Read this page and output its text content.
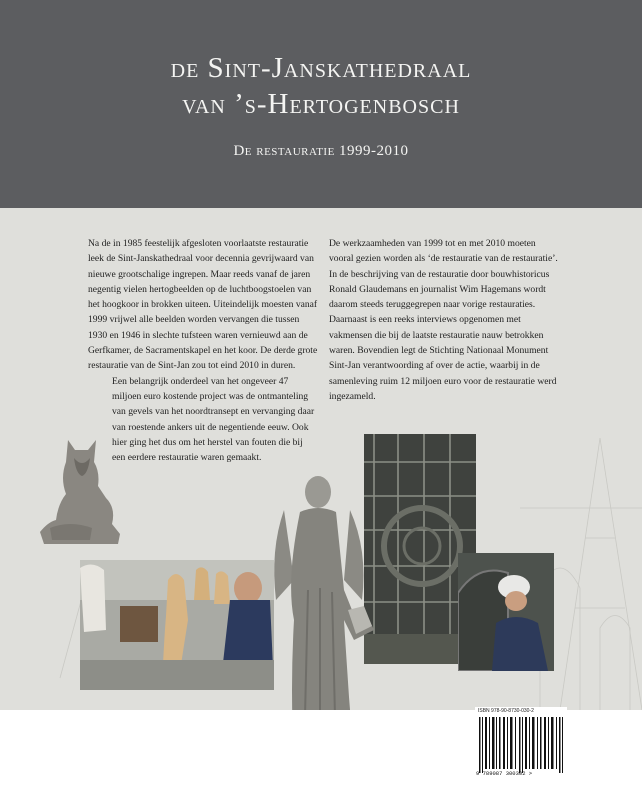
de Sint-Janskathedraal
van ’s-Hertogenbosch
De restauratie 1999-2010

Na de in 1985 feestelijk afgesloten voorlaatste restauratie leek de Sint-Janskathedraal voor decennia gevrijwaard van nieuwe grootschalige ingrepen. Maar reeds vanaf de jaren negentig vielen hertogbeelden op de luchtboogstoelen van het hoogkoor in brokken uiteen. Uiteindelijk moesten vanaf 1999 vrijwel alle beelden worden vervangen die tussen 1930 en 1946 in slechte tufsteen waren vernieuwd aan de Gerfkamer, de Sacramentskapel en het koor. De derde grote restauratie van de Sint-Jan zou tot eind 2010 in duren.

Een belangrijk onderdeel van het ongeveer 47 miljoen euro kostende project was de ontmanteling van gevels van het noordtransept en vervanging daar van roestende ankers uit de negentiende eeuw. Ook hier ging het dus om het herstel van fouten die bij een eerdere restauratie waren gemaakt.

De werkzaamheden van 1999 tot en met 2010 moeten vooral gezien worden als ‘de restauratie van de restauratie’. In de beschrijving van de restauratie door bouwhistoricus Ronald Glaudemans en journalist Wim Hagemans wordt daarom steeds teruggegrepen naar vorige restauraties. Daarnaast is een reeks interviews opgenomen met vakmensen die bij de laatste restauratie nauw betrokken waren. Bovendien legt de Stichting Nationaal Monument Sint-Jan verantwoording af over de actie, waarbij in de samenleving ruim 12 miljoen euro voor de restauratie werd ingezameld.

ISBN 978-90-8730-030-2
9 789087 300302 >
